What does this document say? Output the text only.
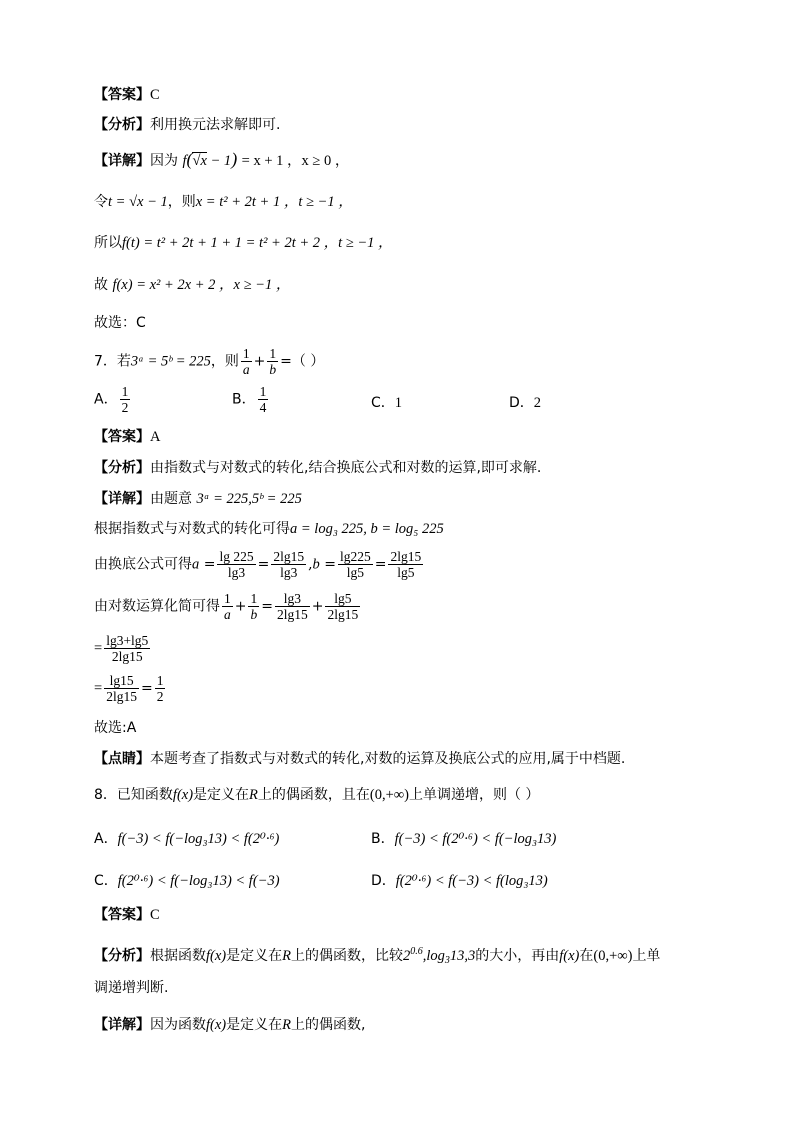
【答案】C
【分析】利用换元法求解即可.
【详解】因为 f(√x − 1) = x + 1 ，x ≥ 0 ，
令t = √x − 1，则x = t² + 2t + 1 ，t ≥ −1 ，
所以f(t) = t² + 2t + 1 + 1 = t² + 2t + 2 ，t ≥ −1 ，
故 f(x) = x² + 2x + 2 ，x ≥ −1 ，
故选：C
7．若3ᵃ = 5ᵇ = 225，则 $\frac{1}{a} + \frac{1}{b}$ =（ ）
A． $\frac{1}{2}$	B． $\frac{1}{4}$	C．1	D．2
【答案】A
【分析】由指数式与对数式的转化,结合换底公式和对数的运算,即可求解.
【详解】由题意 3ᵃ = 225,5ᵇ = 225
根据指数式与对数式的转化可得a = log₃ 225, b = log₅ 225
由换底公式可得$a = \frac{\lg 225}{\lg 3} = \frac{2\lg 15}{\lg 3} ,b = \frac{\lg 225}{\lg 5} = \frac{2\lg 15}{\lg 5}$
由对数运算化简可得 $\frac{1}{a} + \frac{1}{b} = \frac{\lg 3}{2\lg 15} + \frac{\lg 5}{2\lg 15}$
= $\frac{\lg 3+\lg 5}{2\lg 15}$
= $\frac{\lg 15}{2\lg 15} = \frac{1}{2}$
故选:A
【点睛】本题考查了指数式与对数式的转化,对数的运算及换底公式的应用,属于中档题.
8．已知函数f(x)是定义在R上的偶函数，且在(0,+∞)上单调递增，则（ ）
A．f(−3) < f(−log₃13) < f(2⁰·⁶)	B．f(−3) < f(2⁰·⁶) < f(−log₃13)
C．f(2⁰·⁶) < f(−log₃13) < f(−3)	D．f(2⁰·⁶) < f(−3) < f(log₃13)
【答案】C
【分析】根据函数f(x)是定义在R上的偶函数，比较$2^{0.6},\log_313,3$的大小，再由f(x)在(0,+∞)上单
调递增判断.
【详解】因为函数f(x)是定义在R上的偶函数,
